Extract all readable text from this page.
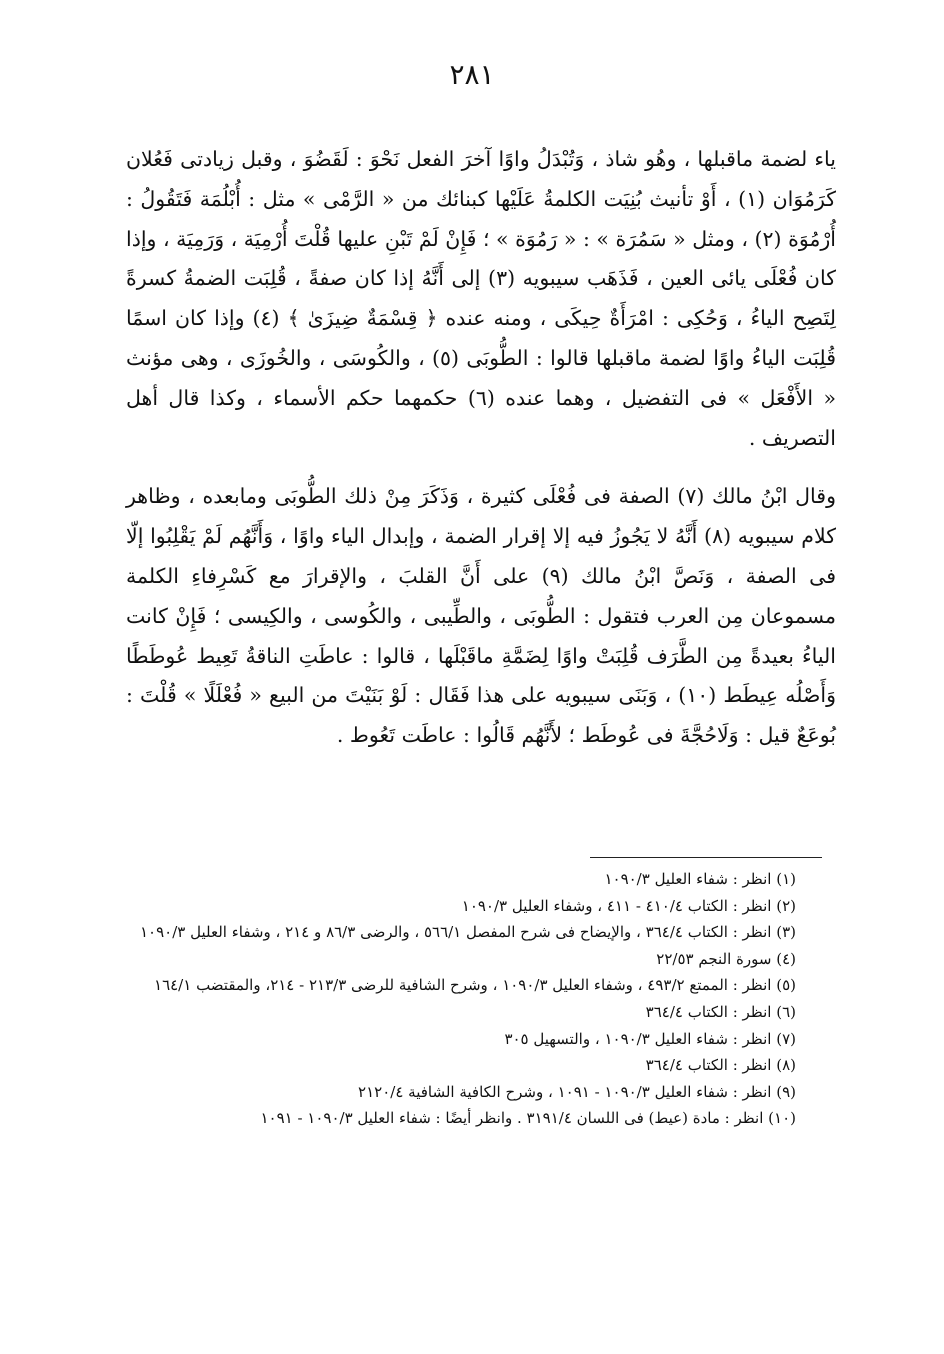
٢٨١

ياء لضمة ماقبلها ، وهُو شاذ ، وَتُبْدَلُ واوًا آخرَ الفعل نَحْوَ : لَقَضُوَ ، وقبل زيادتى فَعُلان كَرَمُوَان (١) ، أَوْ تأنيث بُنِيَت الكلمةُ عَلَيْها كبنائك من « الرَّمْى » مثل : أُبْلُمَة فَتَقُولُ : أُرْمُوَة (٢) ، ومثل « سَمُرَة » : « رَمُوَة » ؛ فَإِنْ لَمْ تَبْنِ عليها قُلْتَ أُرْمِيَة ، وَرَمِيَة ، وإذا كان فُعْلَى يائى العين ، فَذَهَب سيبويه (٣) إلى أَنَّهُ إذا كان صفةً ، قُلِبَت الضمةُ كسرةً لِتَصِح الياءُ ، وَحُكِى : امْرَأَةٌ حِيكَى ، ومنه عنده ﴿ قِسْمَةٌ ضِيزَىٰ ﴾ (٤) وإذا كان اسمًا قُلِبَت الياءُ واوًا لضمة ماقبلها قالوا : الطُّوبَى (٥) ، والكُوسَى ، والخُوزَى ، وهى مؤنث « الأَفْعَل » فى التفضيل ، وهما عنده (٦) حكمهما حكم الأسماء ، وكذا قال أهل التصريف .

وقال ابْنُ مالك (٧) الصفة فى فُعْلَى كثيرة ، وَذَكَرَ مِنْ ذلك الطُّوبَى ومابعده ، وظاهر كلام سيبويه (٨) أَنَّهُ لا يَجُوزُ فيه إلا إقرار الضمة ، وإبدال الياء واوًا ، وَأَنَّهُم لَمْ يَقْلِبُوا إلّا فى الصفة ، وَنَصَّ ابْنُ مالك (٩) على أَنَّ القلبَ ، والإقرارَ مع كَسْرِفاءِ الكلمة مسموعان مِن العرب فتقول : الطُّوبَى ، والطِّيبى ، والكُوسى ، والكِيسى ؛ فَإِنْ كانت الياءُ بعيدةً مِن الطَّرَف قُلِبَتْ واوًا لِضَمَّةِ ماقَبْلَها ، قالوا : عاطَتِ الناقةُ تَعِيط عُوطَطًا وَأَصْلُه عِيطَط (١٠) ، وَبَنَى سيبويه على هذا فَقَال : لَوْ بَنَيْتَ من البيع « فُعْلَلًا » قُلْتَ : بُوعَعٌ قيل : وَلَاحُجَّةَ فى عُوطَط ؛ لأَنَّهُم قَالُوا : عاطَت تَعُوط .

(١) انظر : شفاء العليل ١٠٩٠/٣

(٢) انظر : الكتاب ٤١٠/٤ - ٤١١ ، وشفاء العليل ١٠٩٠/٣

(٣) انظر : الكتاب ٣٦٤/٤ ، والإيضاح فى شرح المفصل ٥٦٦/١ ، والرضى ٨٦/٣ و ٢١٤ ، وشفاء العليل ١٠٩٠/٣

(٤) سورة النجم ٢٢/٥٣

(٥) انظر : الممتع ٤٩٣/٢ ، وشفاء العليل ١٠٩٠/٣ ، وشرح الشافية للرضى ٢١٣/٣ - ٢١٤، والمقتضب ١٦٤/١

(٦) انظر : الكتاب ٣٦٤/٤

(٧) انظر : شفاء العليل ١٠٩٠/٣ ، والتسهيل ٣٠٥

(٨) انظر : الكتاب ٣٦٤/٤

(٩) انظر : شفاء العليل ١٠٩٠/٣ - ١٠٩١ ، وشرح الكافية الشافية ٢١٢٠/٤

(١٠) انظر : مادة (عيط) فى اللسان ٣١٩١/٤ . وانظر أيضًا : شفاء العليل ١٠٩٠/٣ - ١٠٩١
